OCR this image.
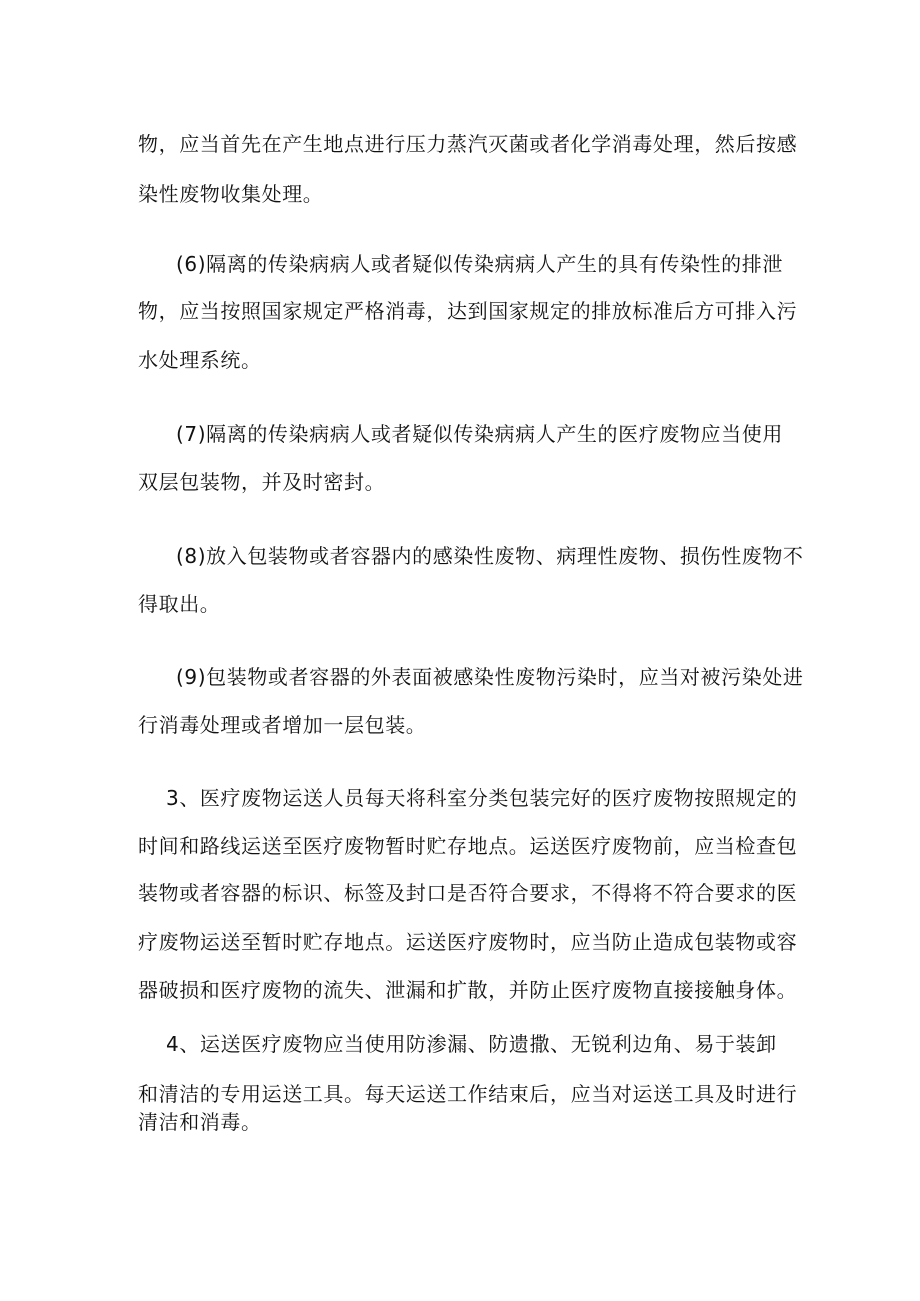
物，应当首先在产生地点进行压力蒸汽灭菌或者化学消毒处理，然后按感
染性废物收集处理。
(6)隔离的传染病病人或者疑似传染病病人产生的具有传染性的排泄
物，应当按照国家规定严格消毒，达到国家规定的排放标准后方可排入污
水处理系统。
(7)隔离的传染病病人或者疑似传染病病人产生的医疗废物应当使用
双层包装物，并及时密封。
(8)放入包装物或者容器内的感染性废物、病理性废物、损伤性废物不
得取出。
(9)包装物或者容器的外表面被感染性废物污染时，应当对被污染处进
行消毒处理或者增加一层包装。
3、医疗废物运送人员每天将科室分类包装完好的医疗废物按照规定的
时间和路线运送至医疗废物暂时贮存地点。运送医疗废物前，应当检查包
装物或者容器的标识、标签及封口是否符合要求，不得将不符合要求的医
疗废物运送至暂时贮存地点。运送医疗废物时，应当防止造成包装物或容
器破损和医疗废物的流失、泄漏和扩散，并防止医疗废物直接接触身体。
4、运送医疗废物应当使用防渗漏、防遗撒、无锐利边角、易于装卸
和清洁的专用运送工具。每天运送工作结束后，应当对运送工具及时进行
清洁和消毒。
